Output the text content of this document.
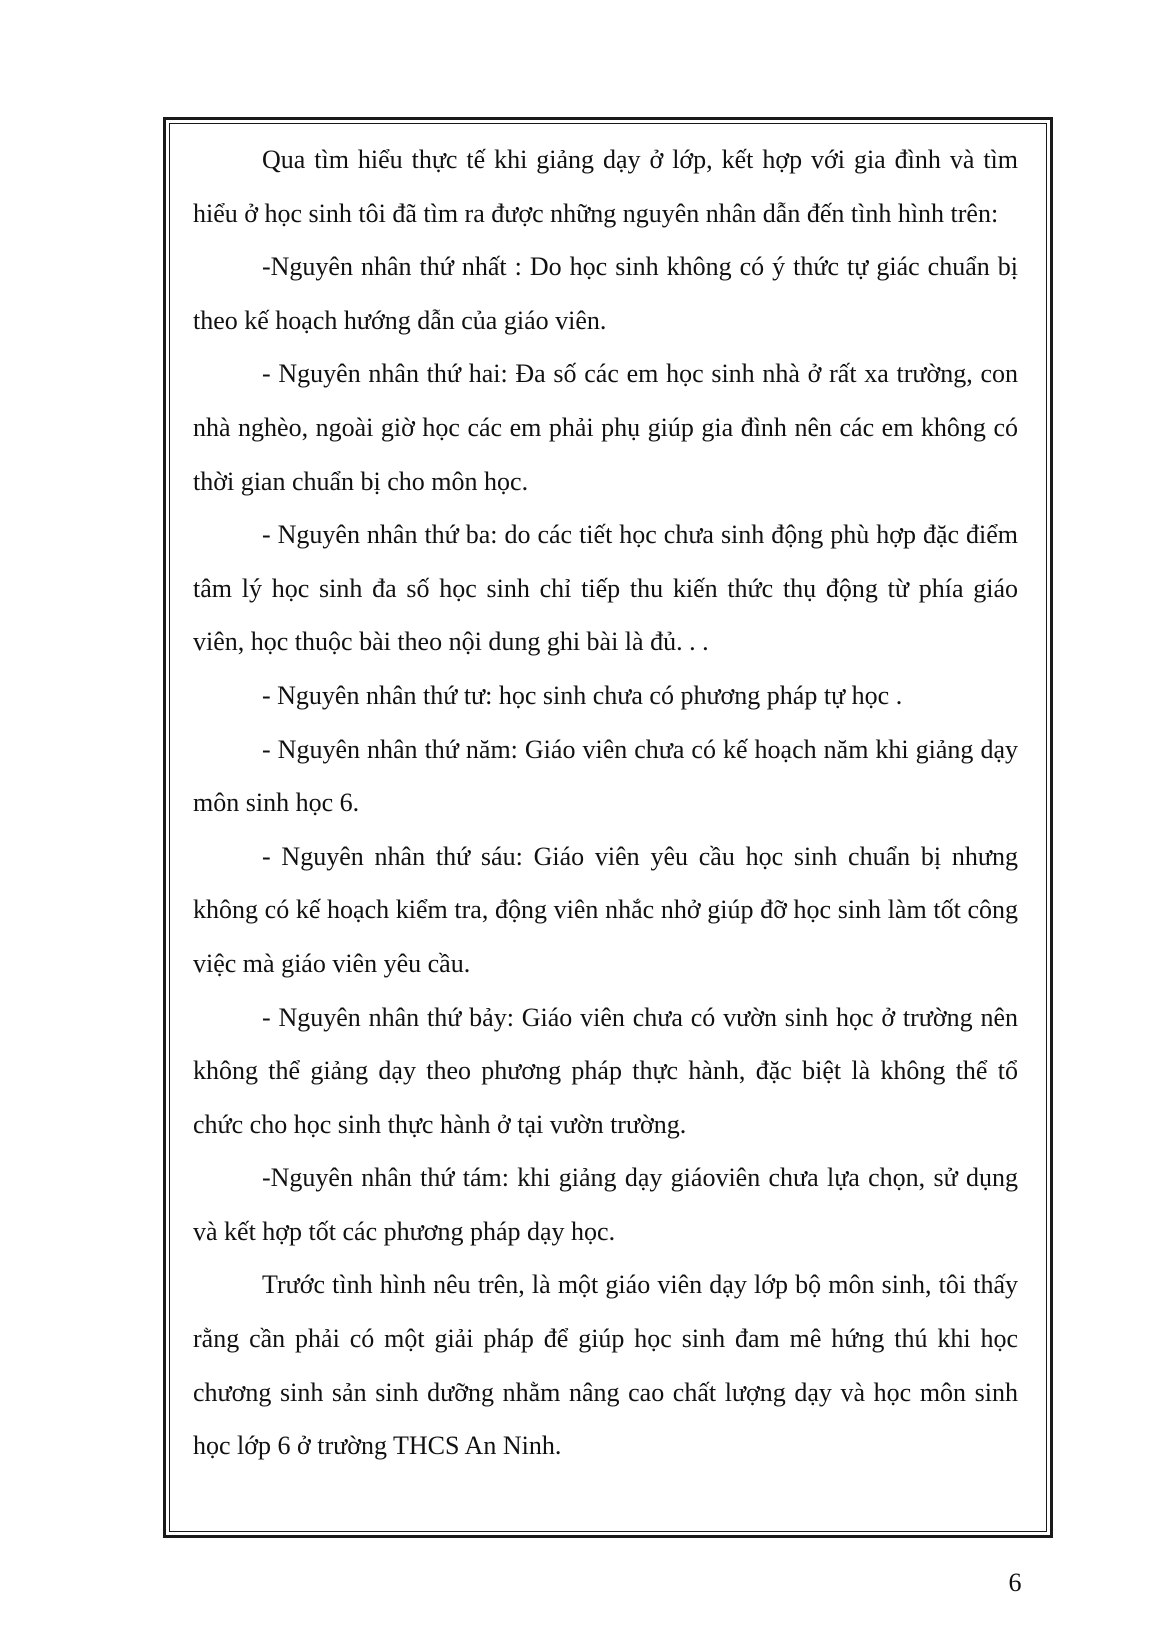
Qua tìm hiểu thực tế khi giảng dạy ở lớp, kết hợp với gia đình và tìm hiểu ở học sinh tôi đã tìm ra được những nguyên nhân dẫn đến tình hình trên:

-Nguyên nhân thứ nhất : Do học sinh không có ý thức tự giác chuẩn bị theo kế hoạch hướng dẫn của giáo viên.

- Nguyên nhân thứ hai: Đa số các em học sinh nhà ở rất xa trường, con nhà nghèo, ngoài giờ học các em phải phụ giúp gia đình nên các em không có thời gian chuẩn bị cho môn học.

- Nguyên nhân thứ ba: do các tiết học chưa sinh động phù hợp đặc điểm tâm lý học sinh đa số học sinh chỉ tiếp thu kiến thức thụ động từ phía giáo viên, học thuộc bài theo nội dung ghi bài là đủ. . .

- Nguyên nhân thứ tư: học sinh chưa có phương pháp tự học .

- Nguyên nhân thứ năm: Giáo viên chưa có kế hoạch năm khi giảng dạy môn sinh học 6.

- Nguyên nhân thứ sáu: Giáo viên yêu cầu học sinh chuẩn bị nhưng không có kế hoạch kiểm tra, động viên nhắc nhở giúp đỡ học sinh làm tốt công việc mà giáo viên yêu cầu.

- Nguyên nhân thứ bảy: Giáo viên chưa có vườn sinh học ở trường nên không thể giảng dạy theo phương pháp thực hành, đặc biệt là không thể tổ chức cho học sinh thực hành ở tại vườn trường.

-Nguyên nhân thứ tám: khi giảng dạy giáoviên chưa lựa chọn, sử dụng và kết hợp tốt các phương pháp dạy học.

Trước tình hình nêu trên, là một giáo viên dạy lớp bộ môn sinh, tôi thấy rằng cần phải có một giải pháp để giúp học sinh đam mê hứng thú khi học chương sinh sản sinh dưỡng nhằm nâng cao chất lượng dạy và học môn sinh học lớp 6 ở trường THCS An Ninh.

6
